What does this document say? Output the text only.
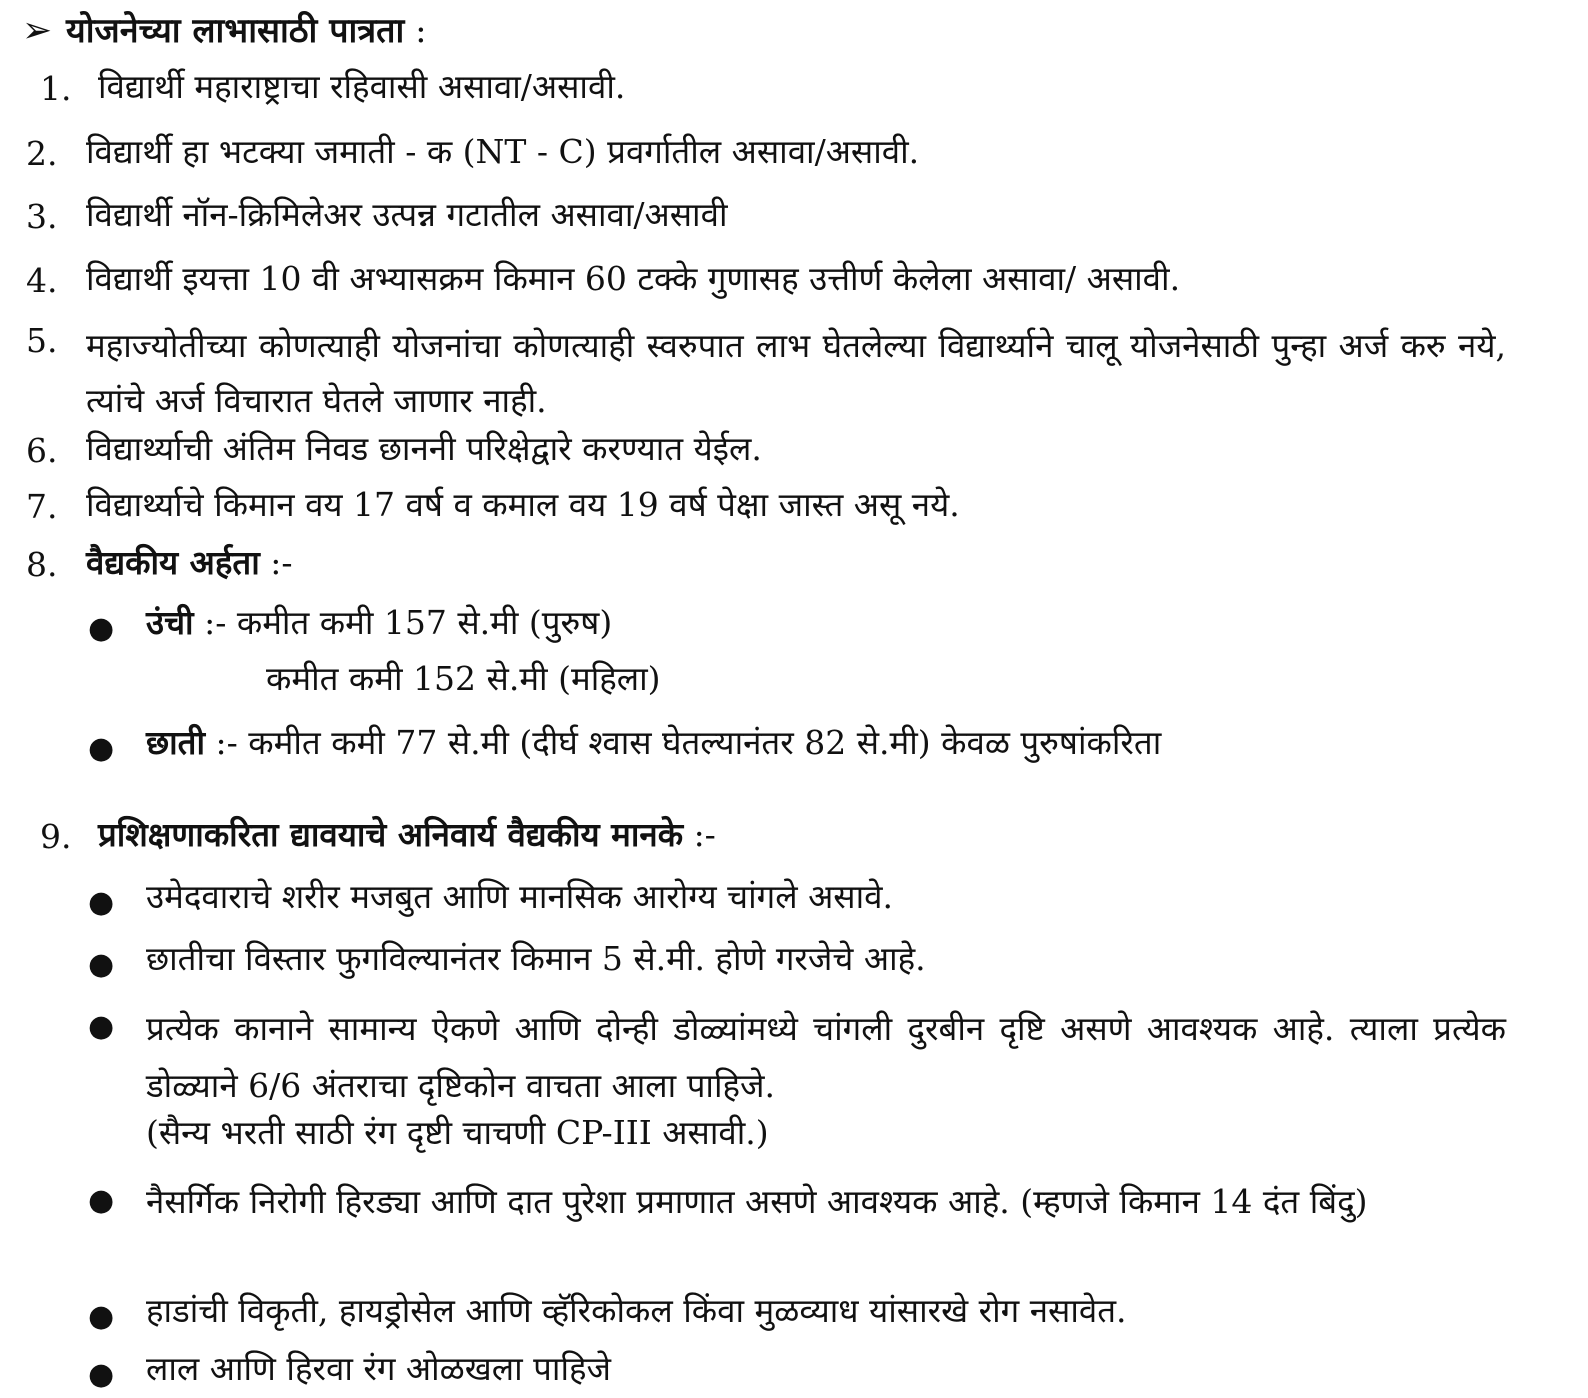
➢ योजनेच्या लाभासाठी पात्रता :
1. विद्यार्थी महाराष्ट्राचा रहिवासी असावा/असावी.
2. विद्यार्थी हा भटक्या जमाती - क (NT - C) प्रवर्गातील असावा/असावी.
3. विद्यार्थी नॉन-क्रिमिलेअर उत्पन्न गटातील असावा/असावी
4. विद्यार्थी इयत्ता 10 वी अभ्यासक्रम किमान 60 टक्के गुणासह उत्तीर्ण केलेला असावा/ असावी.
5. महाज्योतीच्या कोणत्याही योजनांचा कोणत्याही स्वरुपात लाभ घेतलेल्या विद्यार्थ्याने चालू योजनेसाठी पुन्हा अर्ज करु नये, त्यांचे अर्ज विचारात घेतले जाणार नाही.
6. विद्यार्थ्याची अंतिम निवड छाननी परिक्षेद्वारे करण्यात येईल.
7. विद्यार्थ्याचे किमान वय 17 वर्ष व कमाल वय 19 वर्ष पेक्षा जास्त असू नये.
8. वैद्यकीय अर्हता :-
● उंची :- कमीत कमी 157 से.मी (पुरुष)
कमीत कमी 152 से.मी (महिला)
● छाती :- कमीत कमी 77 से.मी (दीर्घ श्वास घेतल्यानंतर 82 से.मी) केवळ पुरुषांकरिता
9. प्रशिक्षणाकरिता द्यावयाचे अनिवार्य वैद्यकीय मानके :-
● उमेदवाराचे शरीर मजबुत आणि मानसिक आरोग्य चांगले असावे.
● छातीचा विस्तार फुगविल्यानंतर किमान 5 से.मी. होणे गरजेचे आहे.
● प्रत्येक कानाने सामान्य ऐकणे आणि दोन्ही डोळ्यांमध्ये चांगली दुरबीन दृष्टि असणे आवश्यक आहे. त्याला प्रत्येक डोळ्याने 6/6 अंतराचा दृष्टिकोन वाचता आला पाहिजे.
(सैन्य भरती साठी रंग दृष्टी चाचणी CP-III असावी.)
● नैसर्गिक निरोगी हिरड्या आणि दात पुरेशा प्रमाणात असणे आवश्यक आहे. (म्हणजे किमान 14 दंत बिंदु)
● हाडांची विकृती, हायड्रोसेल आणि व्हॅरिकोकल किंवा मुळव्याध यांसारखे रोग नसावेत.
● लाल आणि हिरवा रंग ओळखला पाहिजे
